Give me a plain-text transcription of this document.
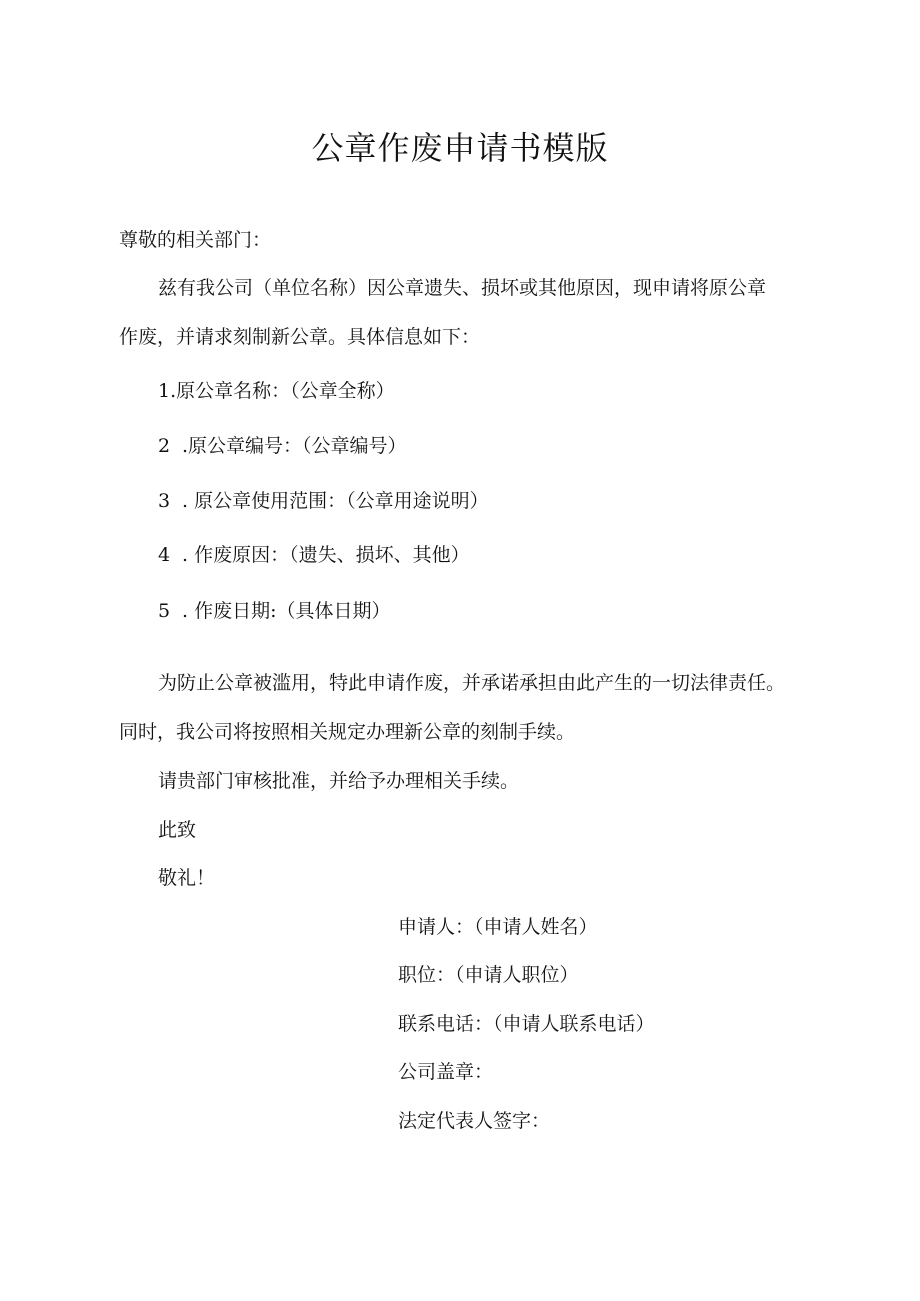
公章作废申请书模版
尊敬的相关部门：
兹有我公司（单位名称）因公章遗失、损坏或其他原因，现申请将原公章
作废，并请求刻制新公章。具体信息如下：
1.原公章名称：（公章全称）
2 .原公章编号：（公章编号）
3 . 原公章使用范围：（公章用途说明）
4 . 作废原因：（遗失、损坏、其他）
5 . 作废日期:（具体日期）
为防止公章被滥用，特此申请作废，并承诺承担由此产生的一切法律责任。
同时，我公司将按照相关规定办理新公章的刻制手续。
请贵部门审核批准，并给予办理相关手续。
此致
敬礼！
申请人：（申请人姓名）
职位：（申请人职位）
联系电话：（申请人联系电话）
公司盖章：
法定代表人签字：
